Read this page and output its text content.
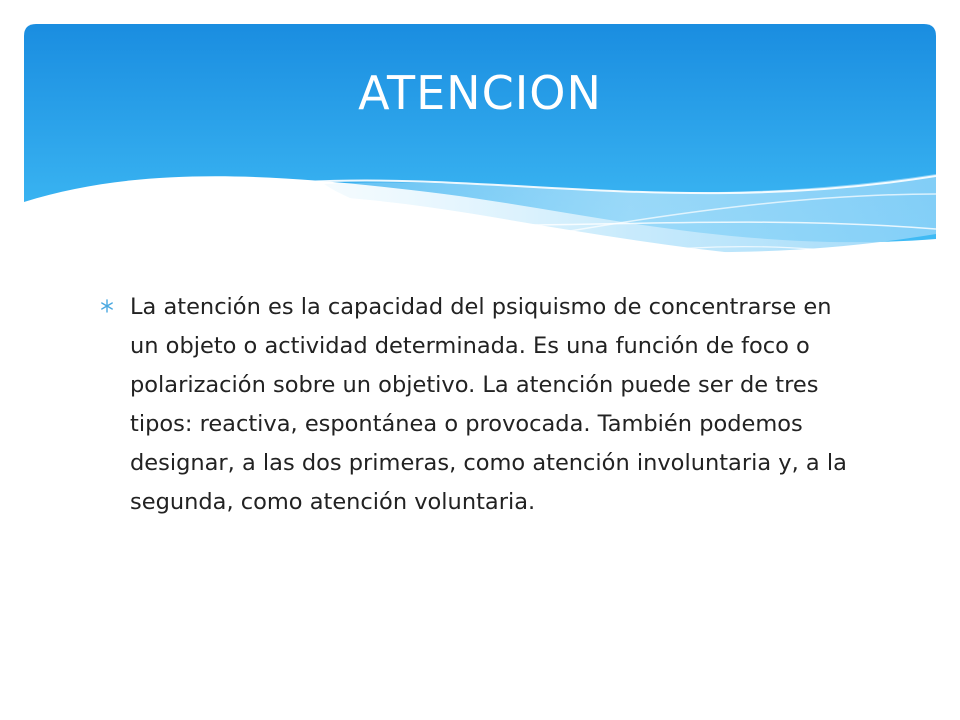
ATENCION
La atención es la capacidad del psiquismo de concentrarse en un objeto o actividad determinada. Es una función de foco o polarización sobre un objetivo. La atención puede ser de tres tipos: reactiva, espontánea o provocada. También podemos designar, a las dos primeras, como atención involuntaria y, a la segunda, como atención voluntaria.
